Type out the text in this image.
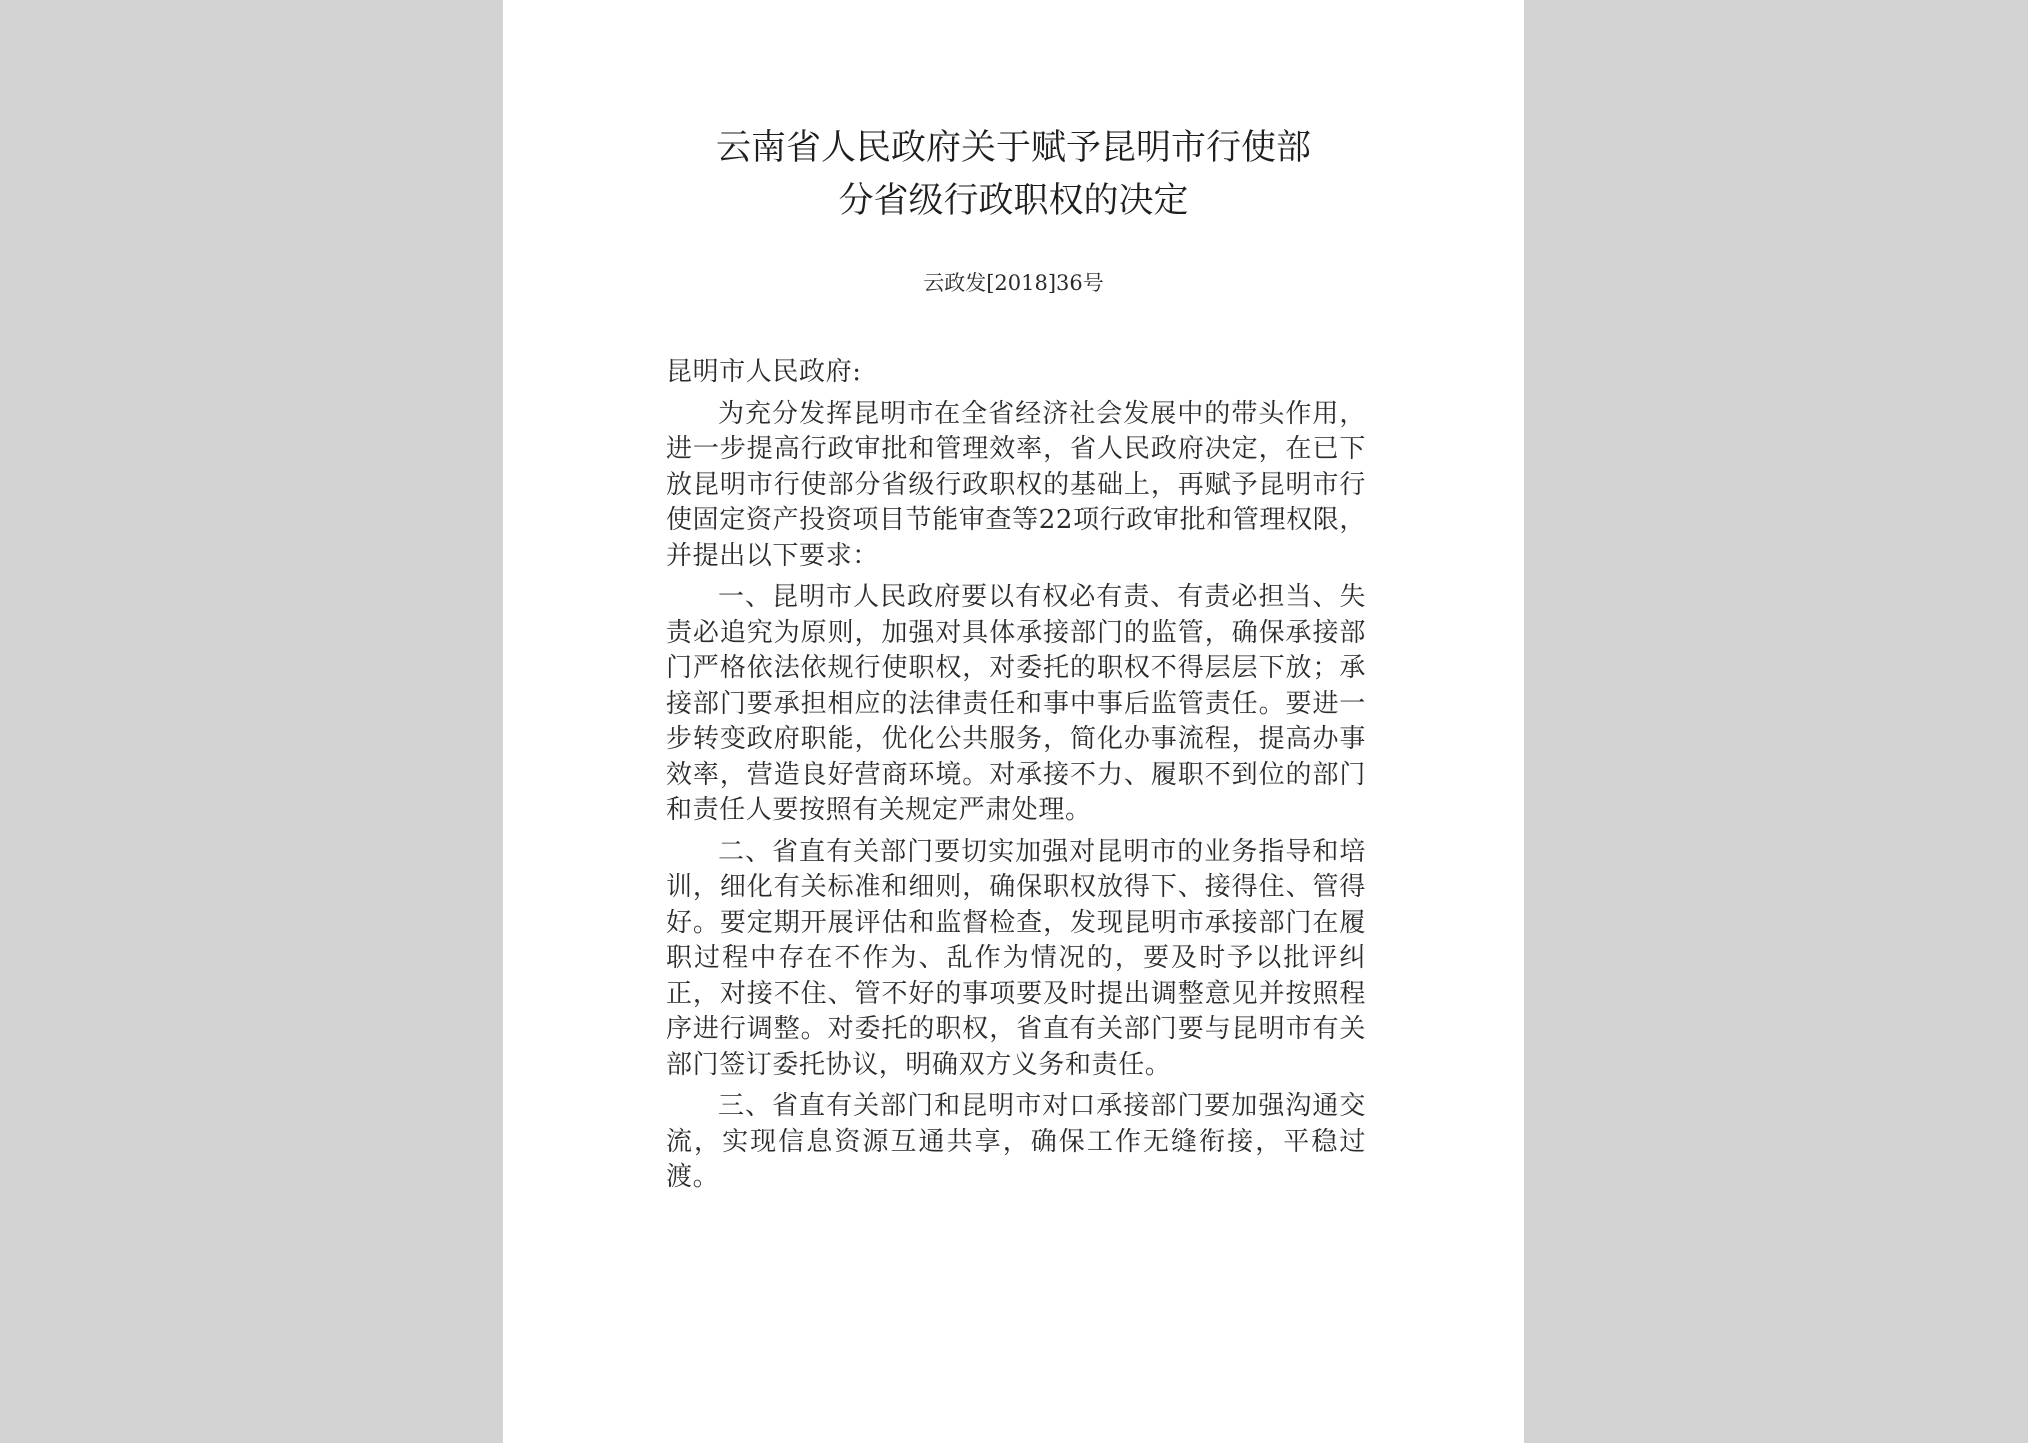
云南省人民政府关于赋予昆明市行使部
分省级行政职权的决定
云政发[2018]36号

昆明市人民政府:

为充分发挥昆明市在全省经济社会发展中的带头作用，进一步提高行政审批和管理效率，省人民政府决定，在已下放昆明市行使部分省级行政职权的基础上，再赋予昆明市行使固定资产投资项目节能审查等22项行政审批和管理权限，并提出以下要求：

一、昆明市人民政府要以有权必有责、有责必担当、失责必追究为原则，加强对具体承接部门的监管，确保承接部门严格依法依规行使职权，对委托的职权不得层层下放；承接部门要承担相应的法律责任和事中事后监管责任。要进一步转变政府职能，优化公共服务，简化办事流程，提高办事效率，营造良好营商环境。对承接不力、履职不到位的部门和责任人要按照有关规定严肃处理。

二、省直有关部门要切实加强对昆明市的业务指导和培训，细化有关标准和细则，确保职权放得下、接得住、管得好。要定期开展评估和监督检查，发现昆明市承接部门在履职过程中存在不作为、乱作为情况的，要及时予以批评纠正，对接不住、管不好的事项要及时提出调整意见并按照程序进行调整。对委托的职权，省直有关部门要与昆明市有关部门签订委托协议，明确双方义务和责任。

三、省直有关部门和昆明市对口承接部门要加强沟通交流，实现信息资源互通共享，确保工作无缝衔接，平稳过渡。
